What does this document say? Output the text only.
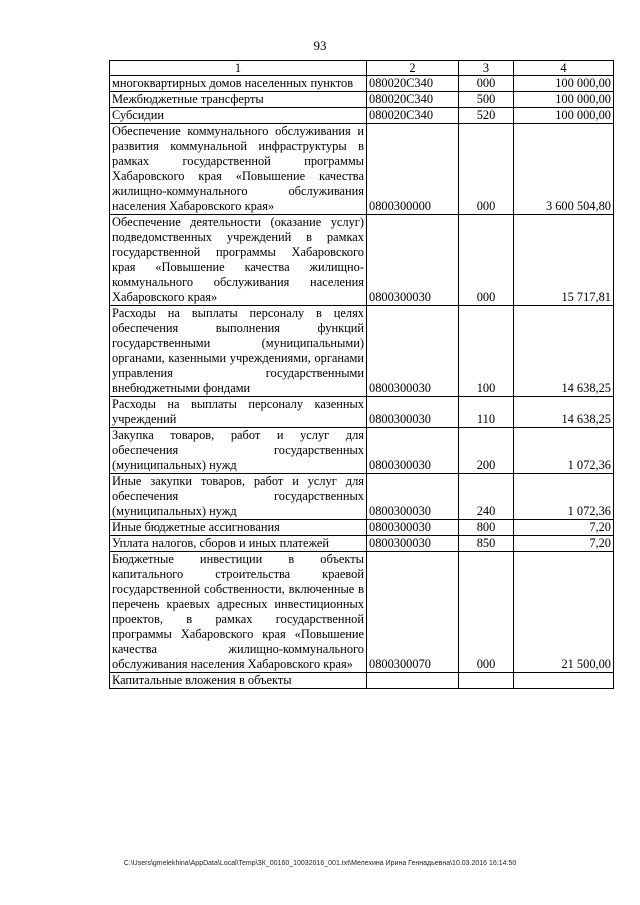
93
1	2	3	4
многоквартирных домов населенных пунктов	080020С340	000	100 000,00
Межбюджетные трансферты	080020С340	500	100 000,00
Субсидии	080020С340	520	100 000,00
Обеспечение коммунального обслуживания и развития коммунальной инфраструктуры в рамках государственной программы Хабаровского края «Повышение качества жилищно-коммунального обслуживания населения Хабаровского края»	0800300000	000	3 600 504,80
Обеспечение деятельности (оказание услуг) подведомственных учреждений в рамках государственной программы Хабаровского края «Повышение качества жилищно-коммунального обслуживания населения Хабаровского края»	0800300030	000	15 717,81
Расходы на выплаты персоналу в целях обеспечения выполнения функций государственными (муниципальными) органами, казенными учреждениями, органами управления государственными внебюджетными фондами	0800300030	100	14 638,25
Расходы на выплаты персоналу казенных учреждений	0800300030	110	14 638,25
Закупка товаров, работ и услуг для обеспечения государственных (муниципальных) нужд	0800300030	200	1 072,36
Иные закупки товаров, работ и услуг для обеспечения государственных (муниципальных) нужд	0800300030	240	1 072,36
Иные бюджетные ассигнования	0800300030	800	7,20
Уплата налогов, сборов и иных платежей	0800300030	850	7,20
Бюджетные инвестиции в объекты капитального строительства краевой государственной собственности, включенные в перечень краевых адресных инвестиционных проектов, в рамках государственной программы Хабаровского края «Повышение качества жилищно-коммунального обслуживания населения Хабаровского края»	0800300070	000	21 500,00
Капитальные вложения в объекты			
C:\Users\gmelekhina\AppData\Local\Temp\ЗК_00160_10032016_001.txt\Мелехина Ирина Геннадьевна\10.03.2016 16:14:50
